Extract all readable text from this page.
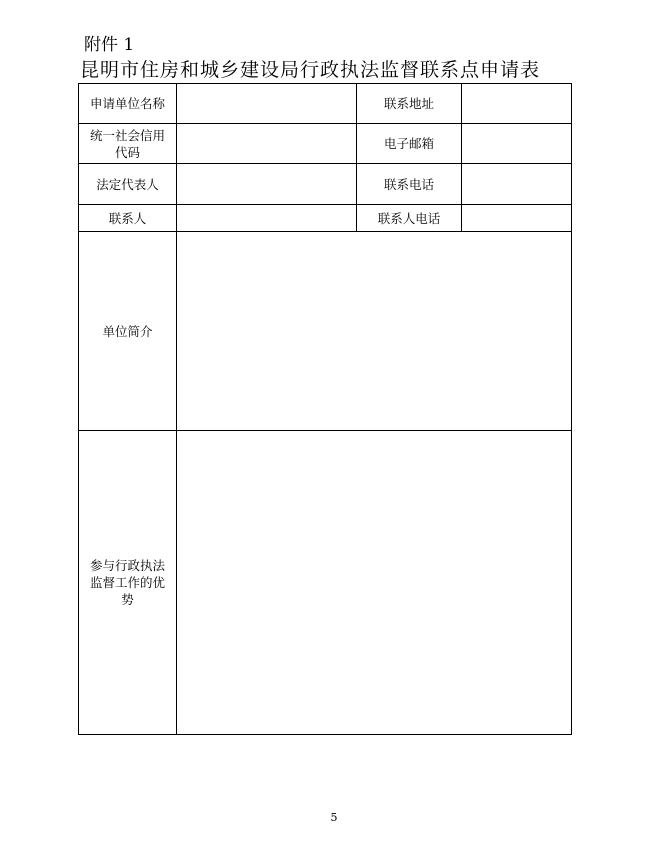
附件 1
昆明市住房和城乡建设局行政执法监督联系点申请表
申请单位名称		联系地址	
统一社会信用代码		电子邮箱	
法定代表人		联系电话	
联系人		联系人电话	
单位简介			
参与行政执法监督工作的优势			
5
